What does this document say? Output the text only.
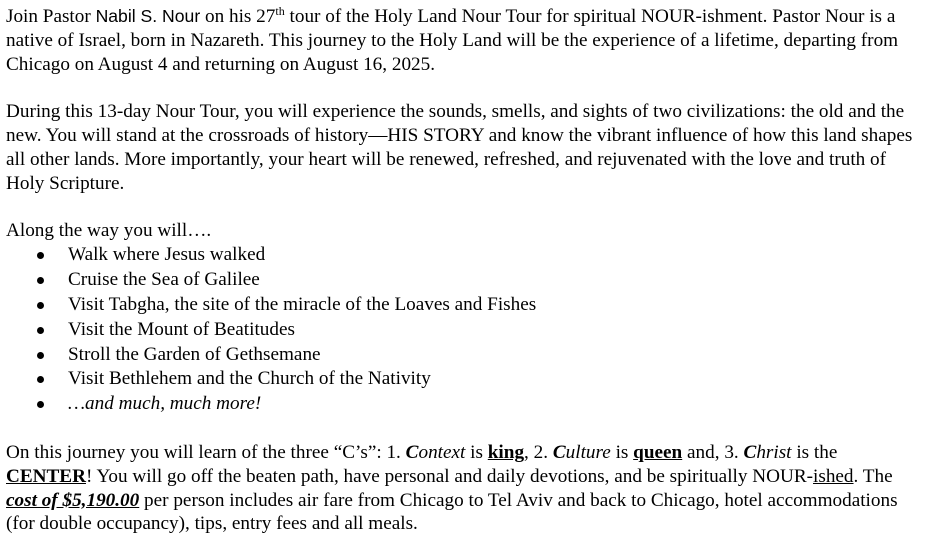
Join Pastor Nabil S. Nour on his 27th tour of the Holy Land Nour Tour for spiritual NOUR-ishment. Pastor Nour is a native of Israel, born in Nazareth. This journey to the Holy Land will be the experience of a lifetime, departing from Chicago on August 4 and returning on August 16, 2025.

During this 13-day Nour Tour, you will experience the sounds, smells, and sights of two civilizations: the old and the new. You will stand at the crossroads of history—HIS STORY and know the vibrant influence of how this land shapes all other lands. More importantly, your heart will be renewed, refreshed, and rejuvenated with the love and truth of Holy Scripture.

Along the way you will….

Walk where Jesus walked
Cruise the Sea of Galilee
Visit Tabgha, the site of the miracle of the Loaves and Fishes
Visit the Mount of Beatitudes
Stroll the Garden of Gethsemane
Visit Bethlehem and the Church of the Nativity
…and much, much more!

On this journey you will learn of the three “C’s”: 1. Context is king, 2. Culture is queen and, 3. Christ is the CENTER! You will go off the beaten path, have personal and daily devotions, and be spiritually NOUR-ished. The cost of $5,190.00 per person includes air fare from Chicago to Tel Aviv and back to Chicago, hotel accommodations (for double occupancy), tips, entry fees and all meals.
